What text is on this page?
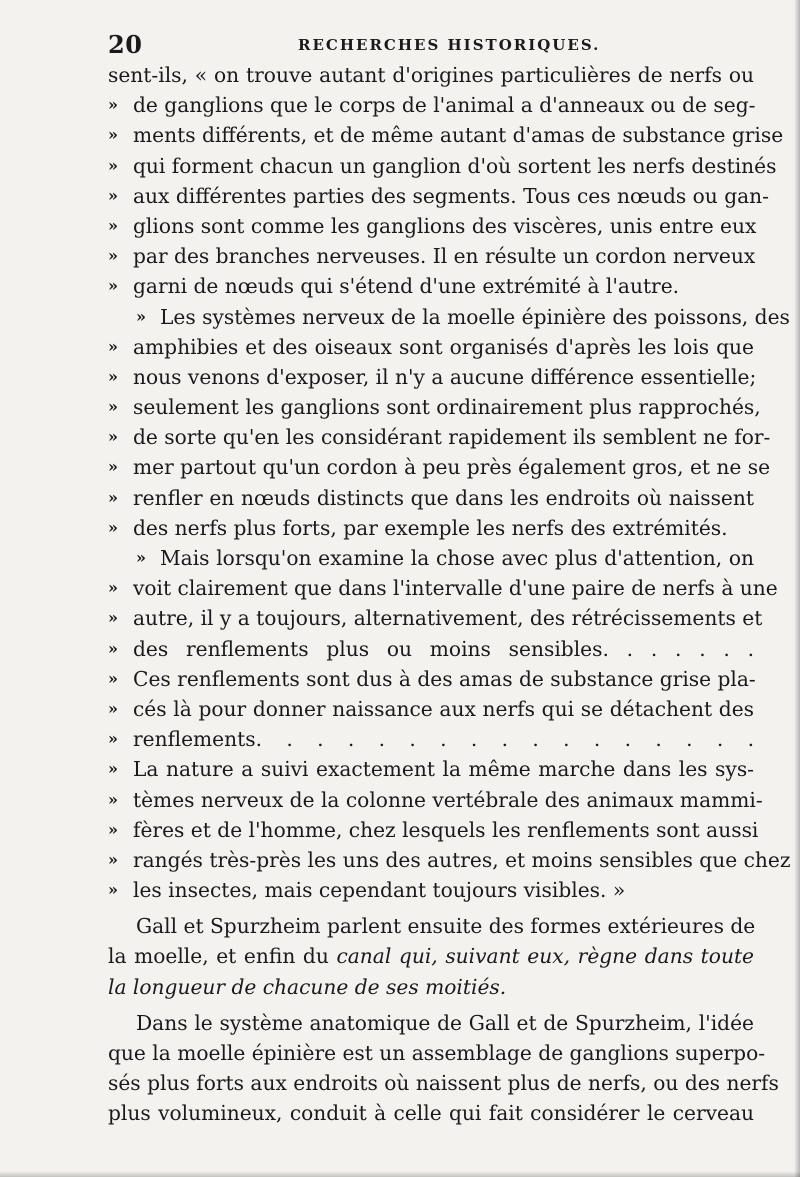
20	RECHERCHES HISTORIQUES.
sent-ils, « on trouve autant d'origines particulières de nerfs ou
» de ganglions que le corps de l'animal a d'anneaux ou de seg-
» ments différents, et de même autant d'amas de substance grise
» qui forment chacun un ganglion d'où sortent les nerfs destinés
» aux différentes parties des segments. Tous ces nœuds ou gan-
» glions sont comme les ganglions des viscères, unis entre eux
» par des branches nerveuses. Il en résulte un cordon nerveux
» garni de nœuds qui s'étend d'une extrémité à l'autre.
» Les systèmes nerveux de la moelle épinière des poissons, des
» amphibies et des oiseaux sont organisés d'après les lois que
» nous venons d'exposer, il n'y a aucune différence essentielle;
» seulement les ganglions sont ordinairement plus rapprochés,
» de sorte qu'en les considérant rapidement ils semblent ne for-
» mer partout qu'un cordon à peu près également gros, et ne se
» renfler en nœuds distincts que dans les endroits où naissent
» des nerfs plus forts, par exemple les nerfs des extrémités.
» Mais lorsqu'on examine la chose avec plus d'attention, on
» voit clairement que dans l'intervalle d'une paire de nerfs à une
» autre, il y a toujours, alternativement, des rétrécissements et
» des renflements plus ou moins sensibles. . . . . . .
» Ces renflements sont dus à des amas de substance grise pla-
» cés là pour donner naissance aux nerfs qui se détachent des
» renflements. . . . . . . . . . . . . . . . .
» La nature a suivi exactement la même marche dans les sys-
» tèmes nerveux de la colonne vertébrale des animaux mammi-
» fères et de l'homme, chez lesquels les renflements sont aussi
» rangés très-près les uns des autres, et moins sensibles que chez
» les insectes, mais cependant toujours visibles. »
Gall et Spurzheim parlent ensuite des formes extérieures de
la moelle, et enfin du canal qui, suivant eux, règne dans toute
la longueur de chacune de ses moitiés.
Dans le système anatomique de Gall et de Spurzheim, l'idée
que la moelle épinière est un assemblage de ganglions superpo-
sés plus forts aux endroits où naissent plus de nerfs, ou des nerfs
plus volumineux, conduit à celle qui fait considérer le cerveau
